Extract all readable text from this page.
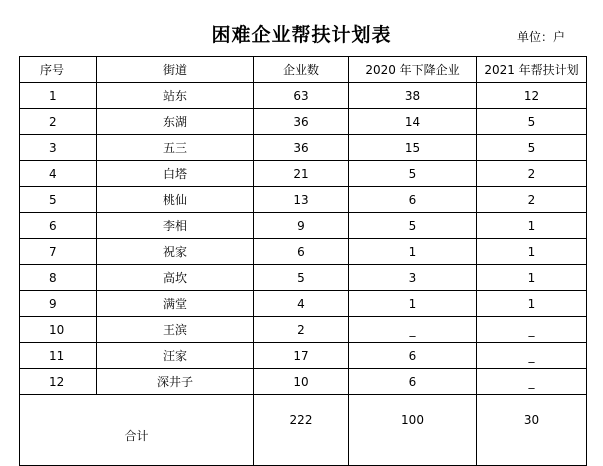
困难企业帮扶计划表	单位：户
序号	街道	企业数	2020 年下降企业	2021 年帮扶计划
1	站东	63	38	12
2	东湖	36	14	5
3	五三	36	15	5
4	白塔	21	5	2
5	桃仙	13	6	2
6	李相	9	5	1
7	祝家	6	1	1
8	高坎	5	3	1
9	满堂	4	1	1
10	王滨	2	_	_
11	汪家	17	6	_
12	深井子	10	6	_
合计		222	100	30
